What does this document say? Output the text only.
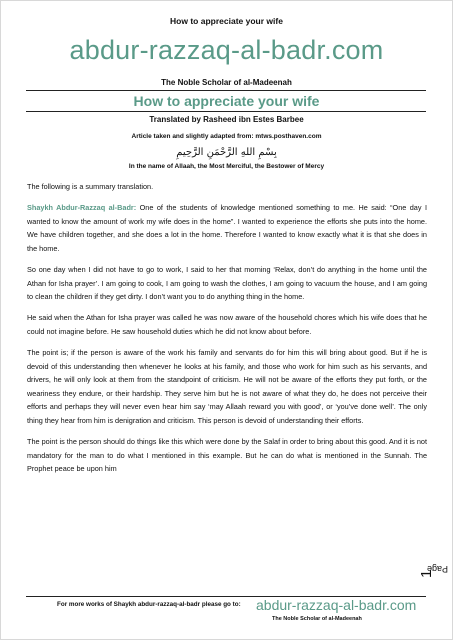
How to appreciate your wife
abdur-razzaq-al-badr.com
The Noble Scholar of al-Madeenah
How to appreciate your wife
Translated by Rasheed ibn Estes Barbee
Article taken and slightly adapted from: mtws.posthaven.com
بِسْمِ اللهِ الرَّحْمَنِ الرَّحِيمِ
In the name of Allaah, the Most Merciful, the Bestower of Mercy

The following is a summary translation.

Shaykh Abdur-Razzaq al-Badr: One of the students of knowledge mentioned something to me. He said: “One day I wanted to know the amount of work my wife does in the home”. I wanted to experience the efforts she puts into the home. We have children together, and she does a lot in the home. Therefore I wanted to know exactly what it is that she does in the home.

So one day when I did not have to go to work, I said to her that morning ‘Relax, don’t do anything in the home until the Athan for Isha prayer’. I am going to cook, I am going to wash the clothes, I am going to vacuum the house, and I am going to clean the children if they get dirty. I don’t want you to do anything thing in the home.

He said when the Athan for Isha prayer was called he was now aware of the household chores which his wife does that he could not imagine before. He saw household duties which he did not know about before.

The point is; if the person is aware of the work his family and servants do for him this will bring about good. But if he is devoid of this understanding then whenever he looks at his family, and those who work for him such as his servants, and drivers, he will only look at them from the standpoint of criticism. He will not be aware of the efforts they put forth, or the weariness they endure, or their hardship. They serve him but he is not aware of what they do, he does not perceive their efforts and perhaps they will never even hear him say ‘may Allaah reward you with good’, or ‘you’ve done well’. The only thing they hear from him is denigration and criticism. This person is devoid of understanding their efforts.

The point is the person should do things like this which were done by the Salaf in order to bring about this good. And it is not mandatory for the man to do what I mentioned in this example. But he can do what is mentioned in the Sunnah. The Prophet peace be upon him

Page
1
For more works of Shaykh abdur-razzaq-al-badr please go to: abdur-razzaq-al-badr.com
The Noble Scholar of al-Madeenah
